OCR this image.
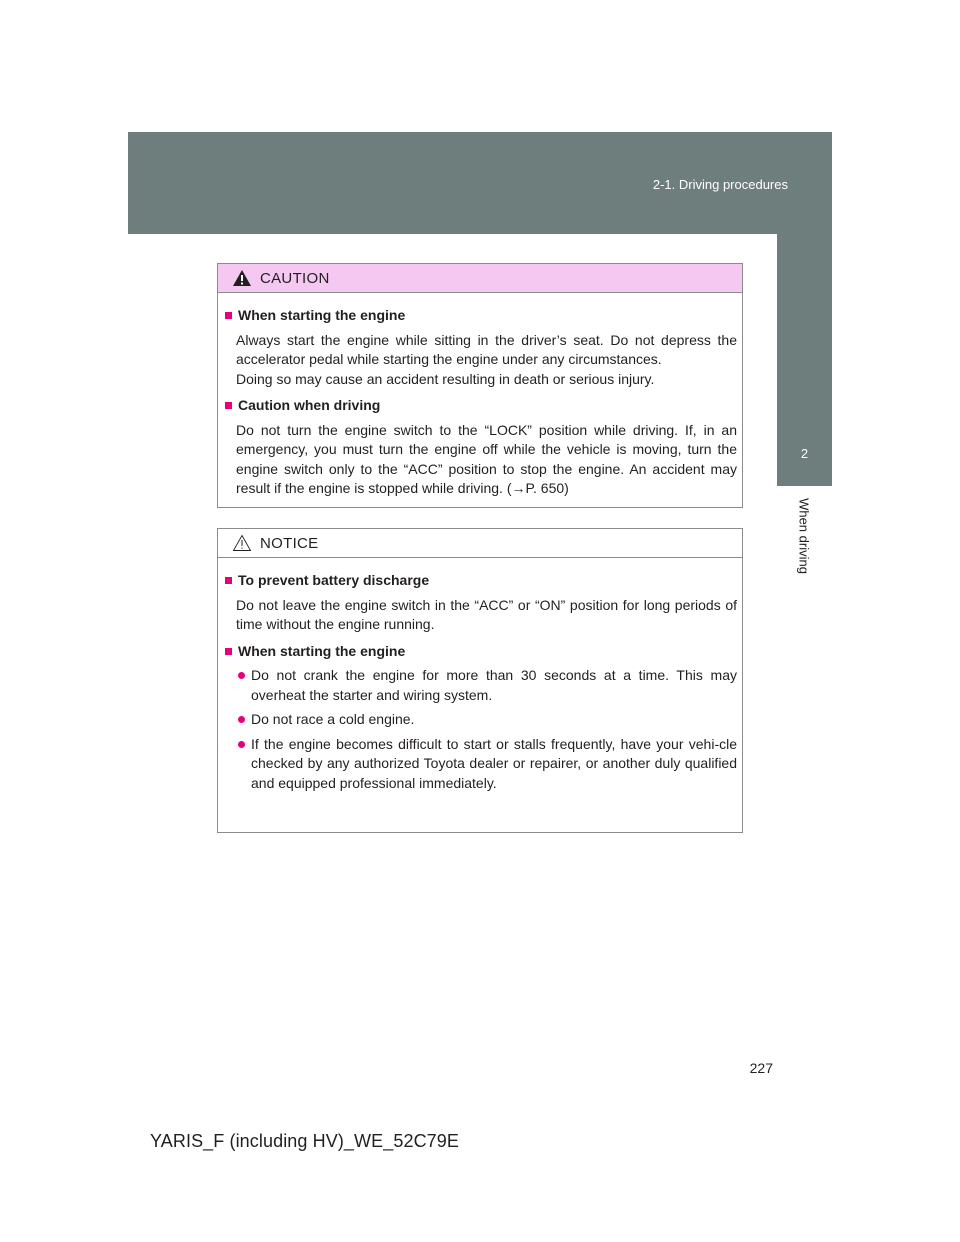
2-1. Driving procedures
2
When driving
CAUTION
When starting the engine
Always start the engine while sitting in the driver’s seat. Do not depress the accelerator pedal while starting the engine under any circumstances.
Doing so may cause an accident resulting in death or serious injury.
Caution when driving
Do not turn the engine switch to the “LOCK” position while driving. If, in an emergency, you must turn the engine off while the vehicle is moving, turn the engine switch only to the “ACC” position to stop the engine. An accident may result if the engine is stopped while driving. (→P. 650)
NOTICE
To prevent battery discharge
Do not leave the engine switch in the “ACC” or “ON” position for long periods of time without the engine running.
When starting the engine
Do not crank the engine for more than 30 seconds at a time. This may overheat the starter and wiring system.
Do not race a cold engine.
If the engine becomes difficult to start or stalls frequently, have your vehi-cle checked by any authorized Toyota dealer or repairer, or another duly qualified and equipped professional immediately.
227
YARIS_F (including HV)_WE_52C79E
